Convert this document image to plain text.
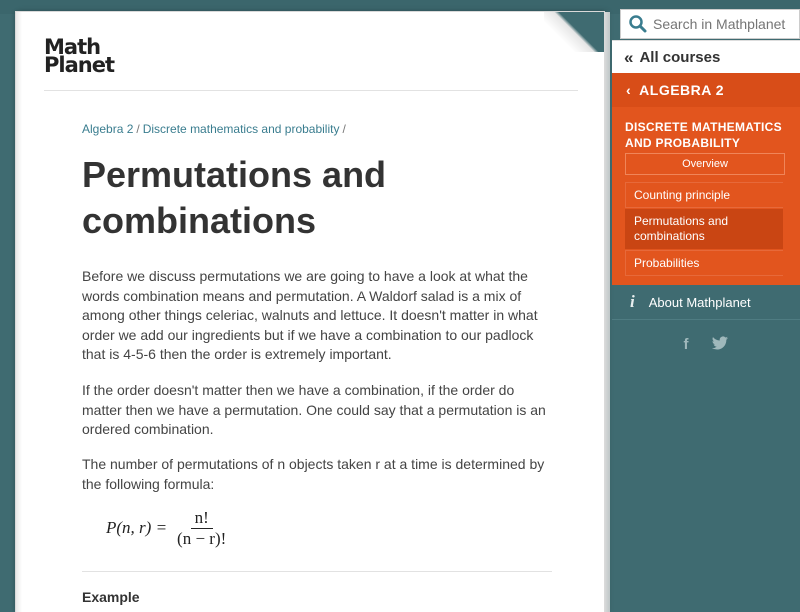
Math
Planet
Algebra 2 / Discrete mathematics and probability /
Permutations and combinations

Before we discuss permutations we are going to have a look at what the words combination means and permutation. A Waldorf salad is a mix of among other things celeriac, walnuts and lettuce. It doesn't matter in what order we add our ingredients but if we have a combination to our padlock that is 4-5-6 then the order is extremely important.

If the order doesn't matter then we have a combination, if the order do matter then we have a permutation. One could say that a permutation is an ordered combination.

The number of permutations of n objects taken r at a time is determined by the following formula:

P(n, $r) = \frac{n!}{(n - r)!}$
Example
Search in Mathplanet
« All courses
‹ ALGEBRA 2
DISCRETE MATHEMATICS AND PROBABILITY
Overview
Counting principle
Permutations and combinations
Probabilities
i About Mathplanet
f
